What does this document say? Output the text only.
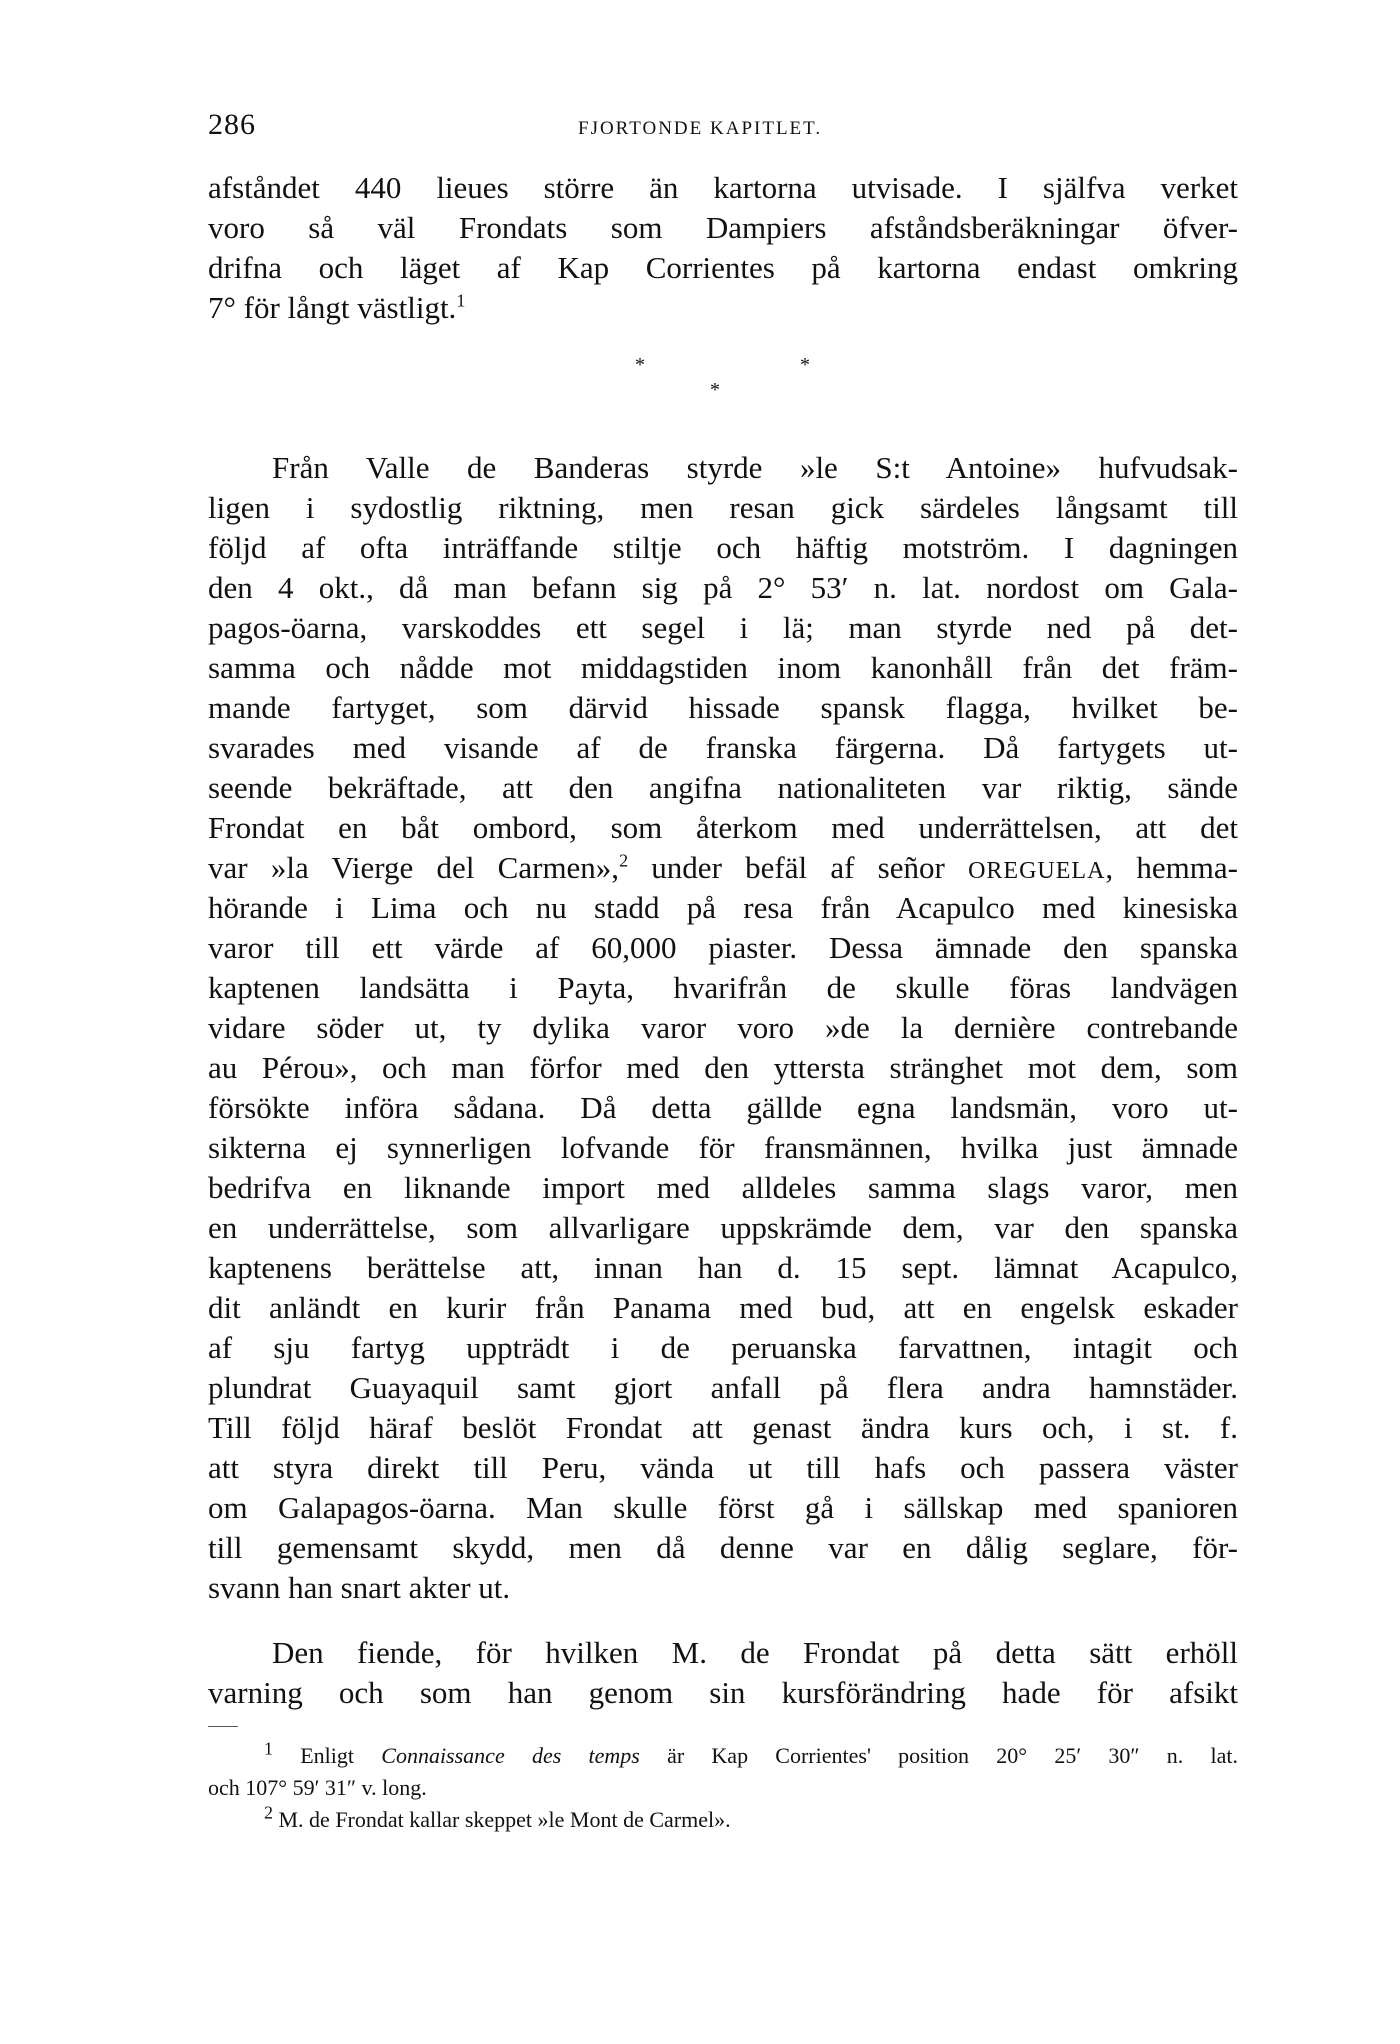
286	FJORTONDE KAPITLET.
afståndet 440 lieues större än kartorna utvisade. I själfva verket
voro så väl Frondats som Dampiers afståndsberäkningar öfver-
drifna och läget af Kap Corrientes på kartorna endast omkring
7° för långt västligt.$^1$
*
*
*
Från Valle de Banderas styrde »le S:t Antoine» hufvudsak-
ligen i sydostlig riktning, men resan gick särdeles långsamt till
följd af ofta inträffande stiltje och häftig motström. I dagningen
den 4 okt., då man befann sig på 2° 53′ n. lat. nordost om Gala-
pagos-öarna, varskoddes ett segel i lä; man styrde ned på det-
samma och nådde mot middagstiden inom kanonhåll från det främ-
mande fartyget, som därvid hissade spansk flagga, hvilket be-
svarades med visande af de franska färgerna. Då fartygets ut-
seende bekräftade, att den angifna nationaliteten var riktig, sände
Frondat en båt ombord, som återkom med underrättelsen, att det
var »la Vierge del Carmen»,$^2$ under befäl af señor OREGUELA, hemma-
hörande i Lima och nu stadd på resa från Acapulco med kinesiska
varor till ett värde af 60,000 piaster. Dessa ämnade den spanska
kaptenen landsätta i Payta, hvarifrån de skulle föras landvägen
vidare söder ut, ty dylika varor voro »de la dernière contrebande
au Pérou», och man förfor med den yttersta stränghet mot dem, som
försökte införa sådana. Då detta gällde egna landsmän, voro ut-
sikterna ej synnerligen lofvande för fransmännen, hvilka just ämnade
bedrifva en liknande import med alldeles samma slags varor, men
en underrättelse, som allvarligare uppskrämde dem, var den spanska
kaptenens berättelse att, innan han d. 15 sept. lämnat Acapulco,
dit anländt en kurir från Panama med bud, att en engelsk eskader
af sju fartyg uppträdt i de peruanska farvattnen, intagit och
plundrat Guayaquil samt gjort anfall på flera andra hamnstäder.
Till följd häraf beslöt Frondat att genast ändra kurs och, i st. f.
att styra direkt till Peru, vända ut till hafs och passera väster
om Galapagos-öarna. Man skulle först gå i sällskap med spanioren
till gemensamt skydd, men då denne var en dålig seglare, för-
svann han snart akter ut.
Den fiende, för hvilken M. de Frondat på detta sätt erhöll
varning och som han genom sin kursförändring hade för afsikt
$^1$ Enligt Connaissance des temps är Kap Corrientes' position 20° 25′ 30″ n. lat.
och 107° 59′ 31″ v. long.
$^2$ M. de Frondat kallar skeppet »le Mont de Carmel».
